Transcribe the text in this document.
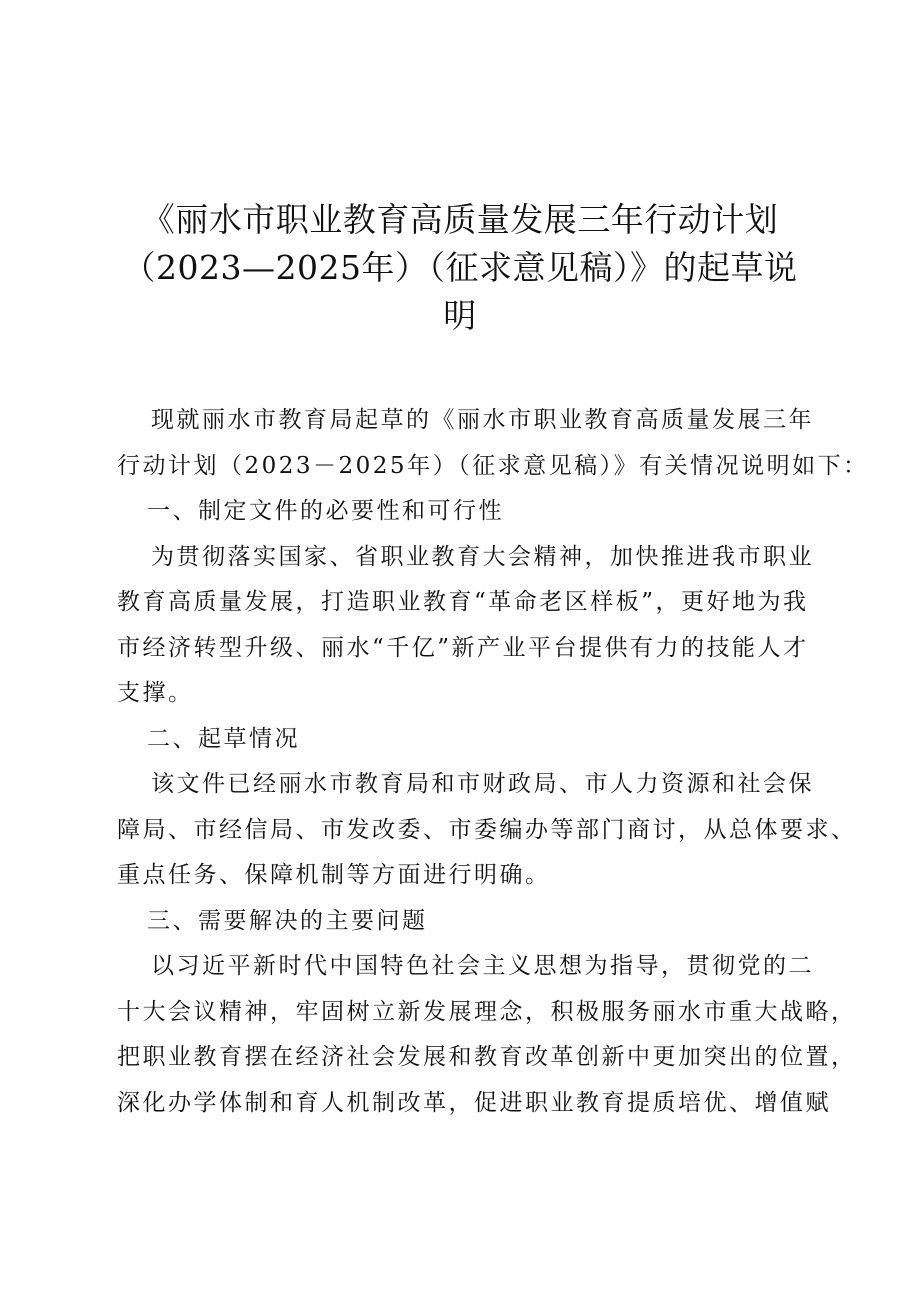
《丽水市职业教育高质量发展三年行动计划
（2023—2025年）（征求意见稿）》的起草说
明
现就丽水市教育局起草的《丽水市职业教育高质量发展三年
行动计划（2023－2025年）（征求意见稿）》有关情况说明如下：
一、制定文件的必要性和可行性
为贯彻落实国家、省职业教育大会精神，加快推进我市职业
教育高质量发展，打造职业教育“革命老区样板”，更好地为我
市经济转型升级、丽水“千亿”新产业平台提供有力的技能人才
支撑。
二、起草情况
该文件已经丽水市教育局和市财政局、市人力资源和社会保
障局、市经信局、市发改委、市委编办等部门商讨，从总体要求、
重点任务、保障机制等方面进行明确。
三、需要解决的主要问题
以习近平新时代中国特色社会主义思想为指导，贯彻党的二
十大会议精神，牢固树立新发展理念，积极服务丽水市重大战略，
把职业教育摆在经济社会发展和教育改革创新中更加突出的位置，
深化办学体制和育人机制改革，促进职业教育提质培优、增值赋
